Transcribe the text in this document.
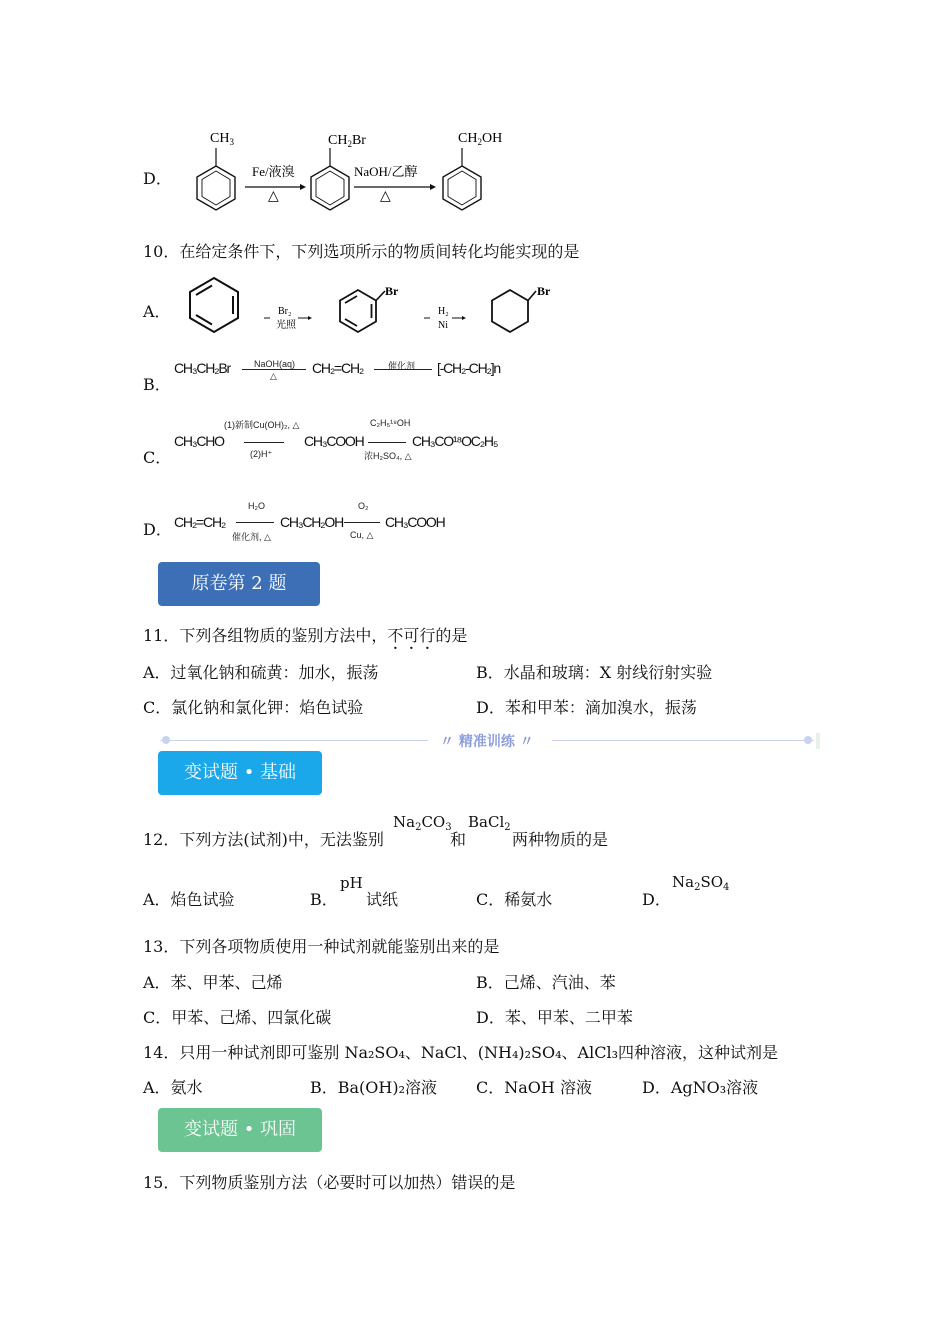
D．
$CH_3$
Fe/液溴
△
$CH_2Br$
NaOH/乙醇
△
$CH_2OH$
10．在给定条件下，下列选项所示的物质间转化均能实现的是
A．	Br₂
光照
Br
H₂
Ni
Br
B．
CH₃CH₂Br	NaOH(aq)
△	CH₂=CH₂	催化剂 [-CH₂-CH₂]n
C．
(1)新制Cu(OH)₂, △
CH₃CHO
(2)H⁺
CH₃COOH
C₂H₅¹⁸OH
浓H₂SO₄, △
CH₃CO¹⁸OC₂H₅
D．
H₂O
CH₂=CH₂
催化剂, △
CH₃CH₂OH
O₂
Cu, △
CH₃COOH
原卷第 2 题
11．下列各组物质的鉴别方法中，不可行的是
A．过氧化钠和硫黄：加水，振荡	B．水晶和玻璃：X 射线衍射实验
C．氯化钠和氯化钾：焰色试验	D．苯和甲苯：滴加溴水，振荡
〃 精准训练 〃
变试题 • 基础
12．下列方法(试剂)中，无法鉴别
$Na_2CO_3$
和
BaCl$_2$
两种物质的是
A．焰色试验	B．
pH
试纸	C．稀氨水	D．
$Na_2SO_4$
13．下列各项物质使用一种试剂就能鉴别出来的是
A．苯、甲苯、己烯	B．己烯、汽油、苯
C．甲苯、己烯、四氯化碳	D．苯、甲苯、二甲苯
14．只用一种试剂即可鉴别 Na₂SO₄、NaCl、(NH₄)₂SO₄、AlCl₃四种溶液，这种试剂是
A．氨水	B．Ba(OH)₂溶液 C．NaOH 溶液	D．AgNO₃溶液
变试题 • 巩固
15．下列物质鉴别方法（必要时可以加热）错误的是
